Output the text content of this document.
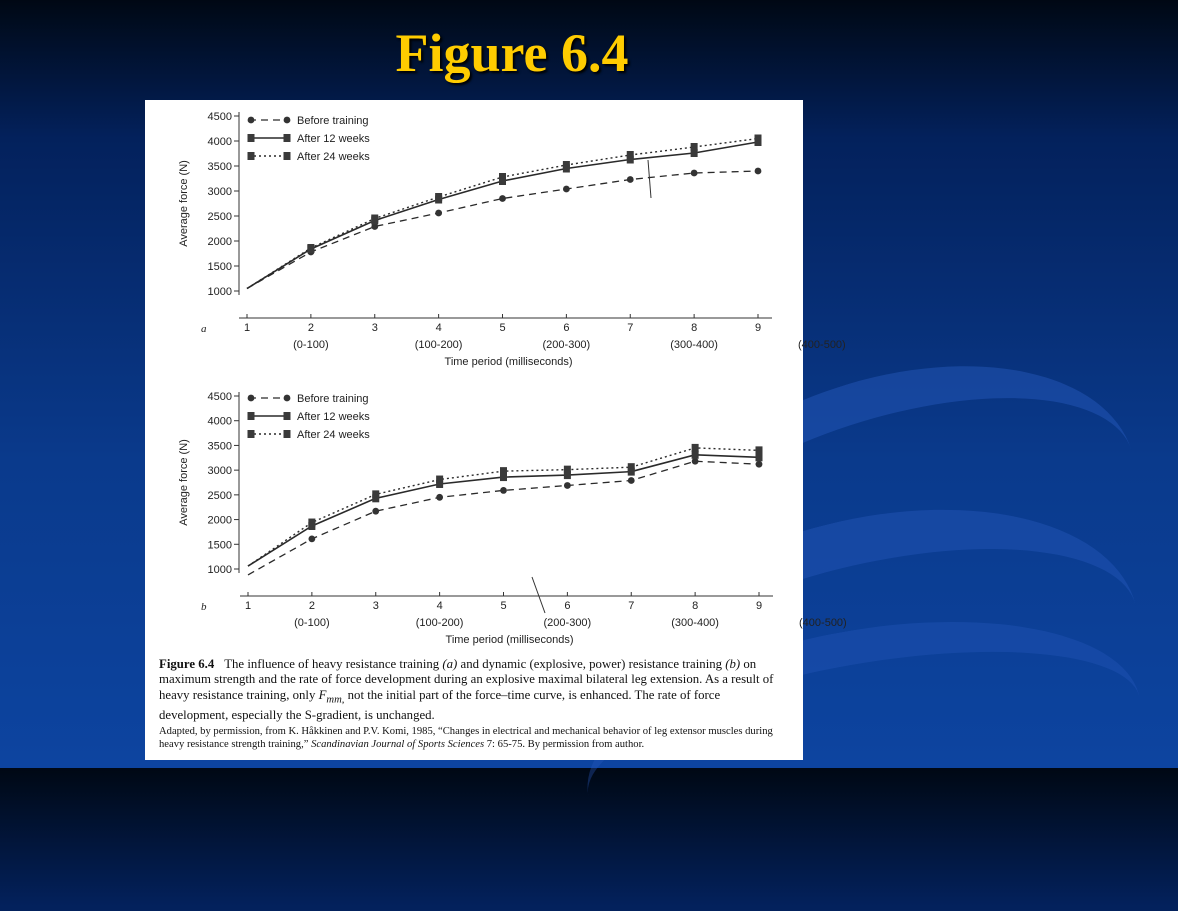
Figure 6.4
1000
1500
2000
2500
3000
3500
4000
4500
Average force (N)
1	2	3	4	5	6	7	8	9
(0-100)	(100-200)	(200-300)	(300-400)	(400-500)
Time period (milliseconds)
a
Before training
After 12 weeks
After 24 weeks
1000
1500
2000
2500
3000
3500
4000
4500
Average force (N)
1	2	3	4	5	6	7	8	9
(0-100)	(100-200)	(200-300)	(300-400)	(400-500)
Time period (milliseconds)
b
Before training
After 12 weeks
After 24 weeks
Figure 6.4 The influence of heavy resistance training (a) and dynamic (explosive, power) resistance training (b) on maximum strength and the rate of force development during an explosive maximal bilateral leg extension. As a result of heavy resistance training, only $F_{mm,}$ not the initial part of the force–time curve, is enhanced. The rate of force development, especially the S-gradient, is unchanged.
Adapted, by permission, from K. Håkkinen and P.V. Komi, 1985, “Changes in electrical and mechanical behavior of leg extensor muscles during heavy resistance strength training,” Scandinavian Journal of Sports Sciences 7: 65-75. By permission from author.
